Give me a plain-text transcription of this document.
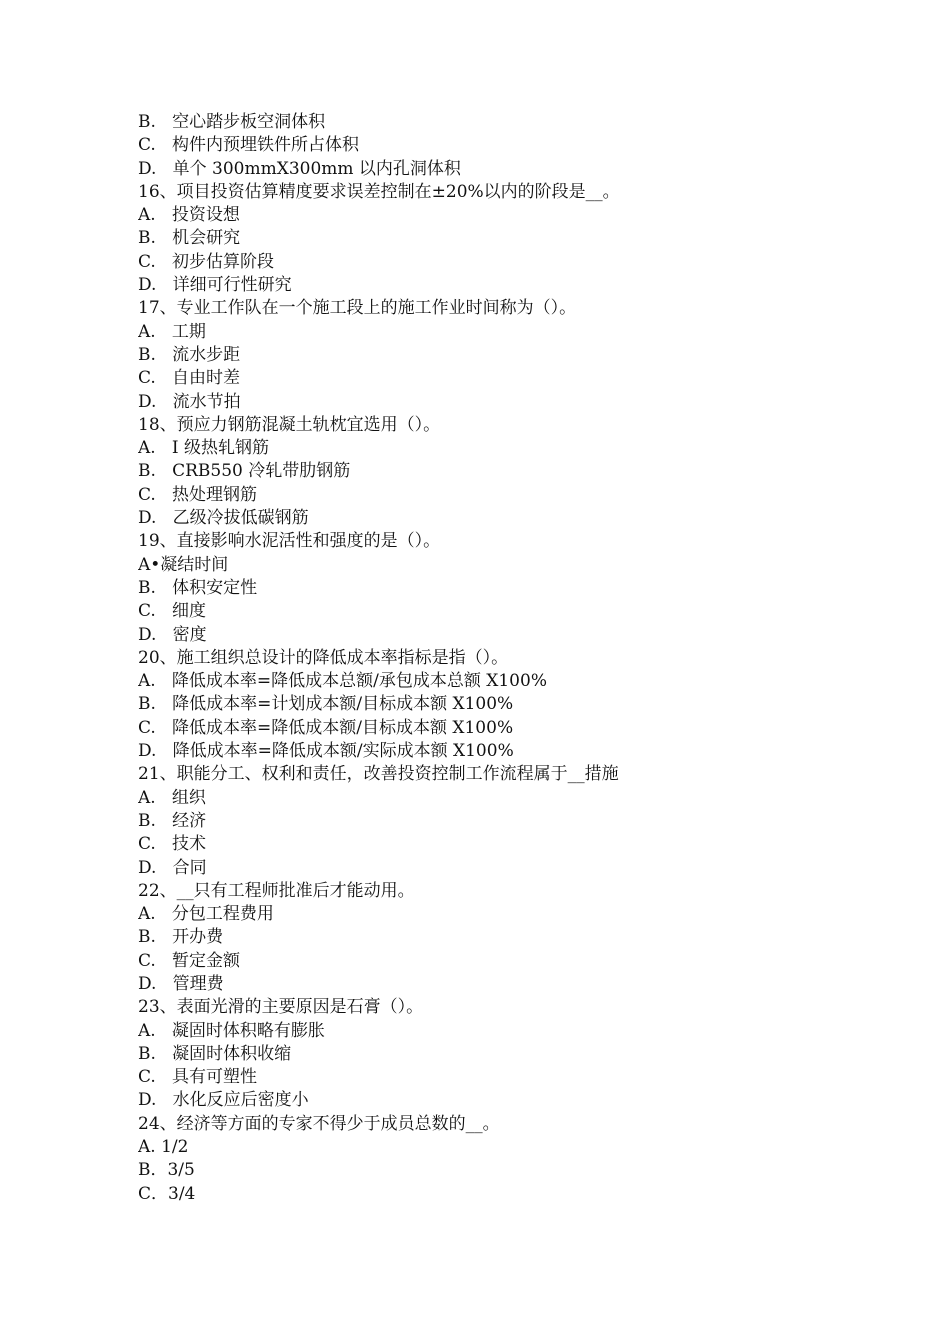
B.   空心踏步板空洞体积
C.   构件内预埋铁件所占体积
D.   单个 300mmX300mm 以内孔洞体积
16、项目投资估算精度要求误差控制在±20%以内的阶段是__。
A.   投资设想
B.   机会研究
C.   初步估算阶段
D.   详细可行性研究
17、专业工作队在一个施工段上的施工作业时间称为（）。
A.   工期
B.   流水步距
C.   自由时差
D.   流水节拍
18、预应力钢筋混凝土轨枕宜选用（）。
A.   I 级热轧钢筋
B.   CRB550 冷轧带肋钢筋
C.   热处理钢筋
D.   乙级冷拔低碳钢筋
19、直接影响水泥活性和强度的是（）。
A•凝结时间
B.   体积安定性
C.   细度
D.   密度
20、施工组织总设计的降低成本率指标是指（）。
A.   降低成本率=降低成本总额/承包成本总额 X100%
B.   降低成本率=计划成本额/目标成本额 X100%
C.   降低成本率=降低成本额/目标成本额 X100%
D.   降低成本率=降低成本额/实际成本额 X100%
21、职能分工、权利和责任，改善投资控制工作流程属于__措施
A.   组织
B.   经济
C.   技术
D.   合同
22、__只有工程师批准后才能动用。
A.   分包工程费用
B.   开办费
C.   暂定金额
D.   管理费
23、表面光滑的主要原因是石膏（）。
A.   凝固时体积略有膨胀
B.   凝固时体积收缩
C.   具有可塑性
D.   水化反应后密度小
24、经济等方面的专家不得少于成员总数的__。
A. 1/2
B．3/5
C．3/4
